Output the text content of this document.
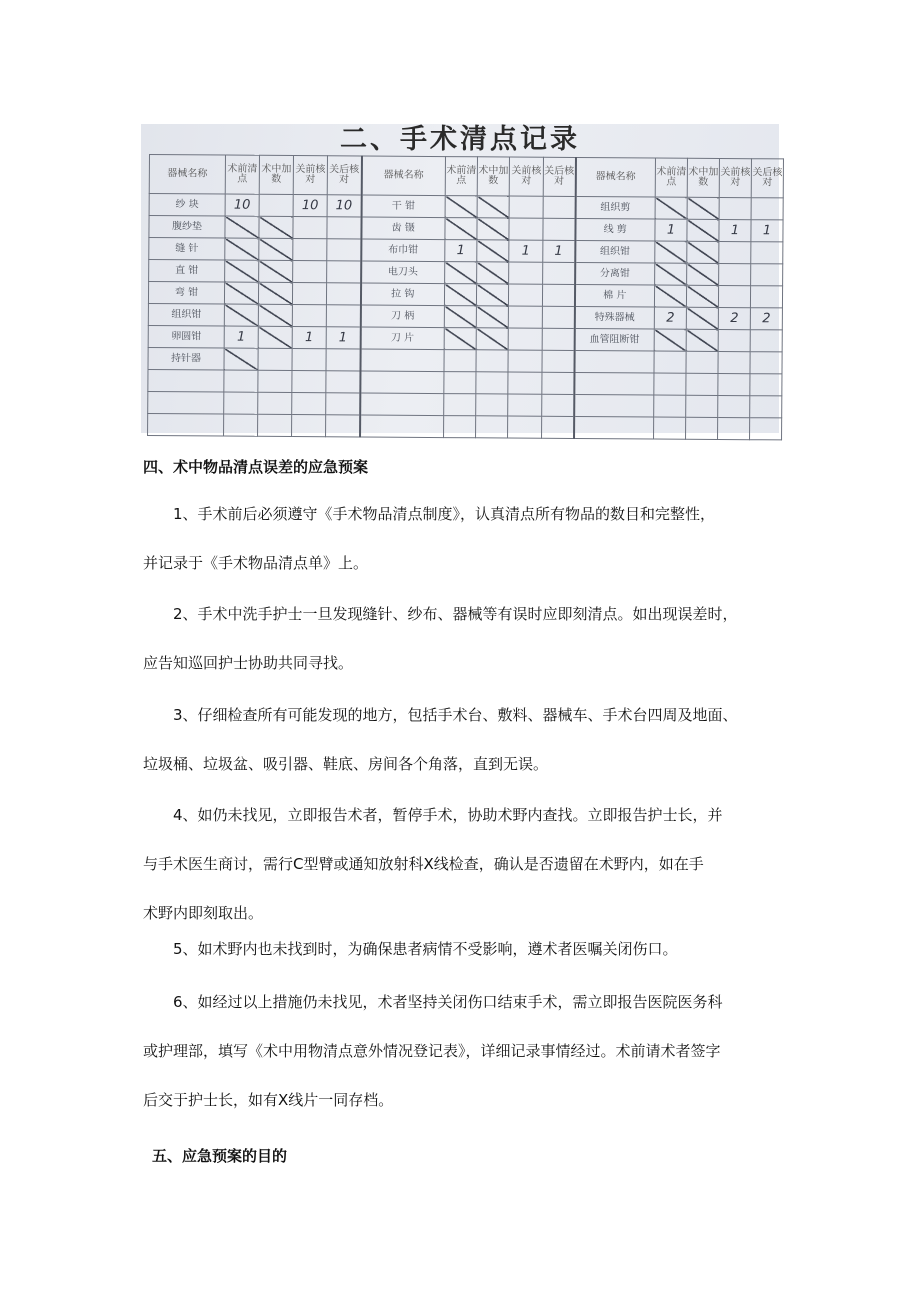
二、手术清点记录
器械名称	术前清点	术中加数	关前核对	关后核对	器械名称	术前清点	术中加数	关前核对	关后核对	器械名称	术前清点	术中加数	关前核对	关后核对
纱 块	10		10	10	干 钳					组织剪				
腹纱垫					齿 镊					线 剪	1		1	1
缝 针					布巾钳	1		1	1	组织钳				
直 钳					电刀头					分离钳				
弯 钳					拉 钩					棉 片				
组织钳					刀 柄					特殊器械	2		2	2
卵圆钳	1		1	1	刀 片					血管阻断钳				
持针器														

四、术中物品清点误差的应急预案
1、手术前后必须遵守《手术物品清点制度》，认真清点所有物品的数目和完整性，
并记录于《手术物品清点单》上。
2、手术中洗手护士一旦发现缝针、纱布、器械等有误时应即刻清点。如出现误差时，
应告知巡回护士协助共同寻找。
3、仔细检查所有可能发现的地方，包括手术台、敷料、器械车、手术台四周及地面、
垃圾桶、垃圾盆、吸引器、鞋底、房间各个角落，直到无误。
4、如仍未找见，立即报告术者，暂停手术，协助术野内查找。立即报告护士长，并
与手术医生商讨，需行C型臂或通知放射科X线检查，确认是否遗留在术野内，如在手
术野内即刻取出。
5、如术野内也未找到时，为确保患者病情不受影响，遵术者医嘱关闭伤口。
6、如经过以上措施仍未找见，术者坚持关闭伤口结束手术，需立即报告医院医务科
或护理部，填写《术中用物清点意外情况登记表》，详细记录事情经过。术前请术者签字
后交于护士长，如有X线片一同存档。
五、应急预案的目的
